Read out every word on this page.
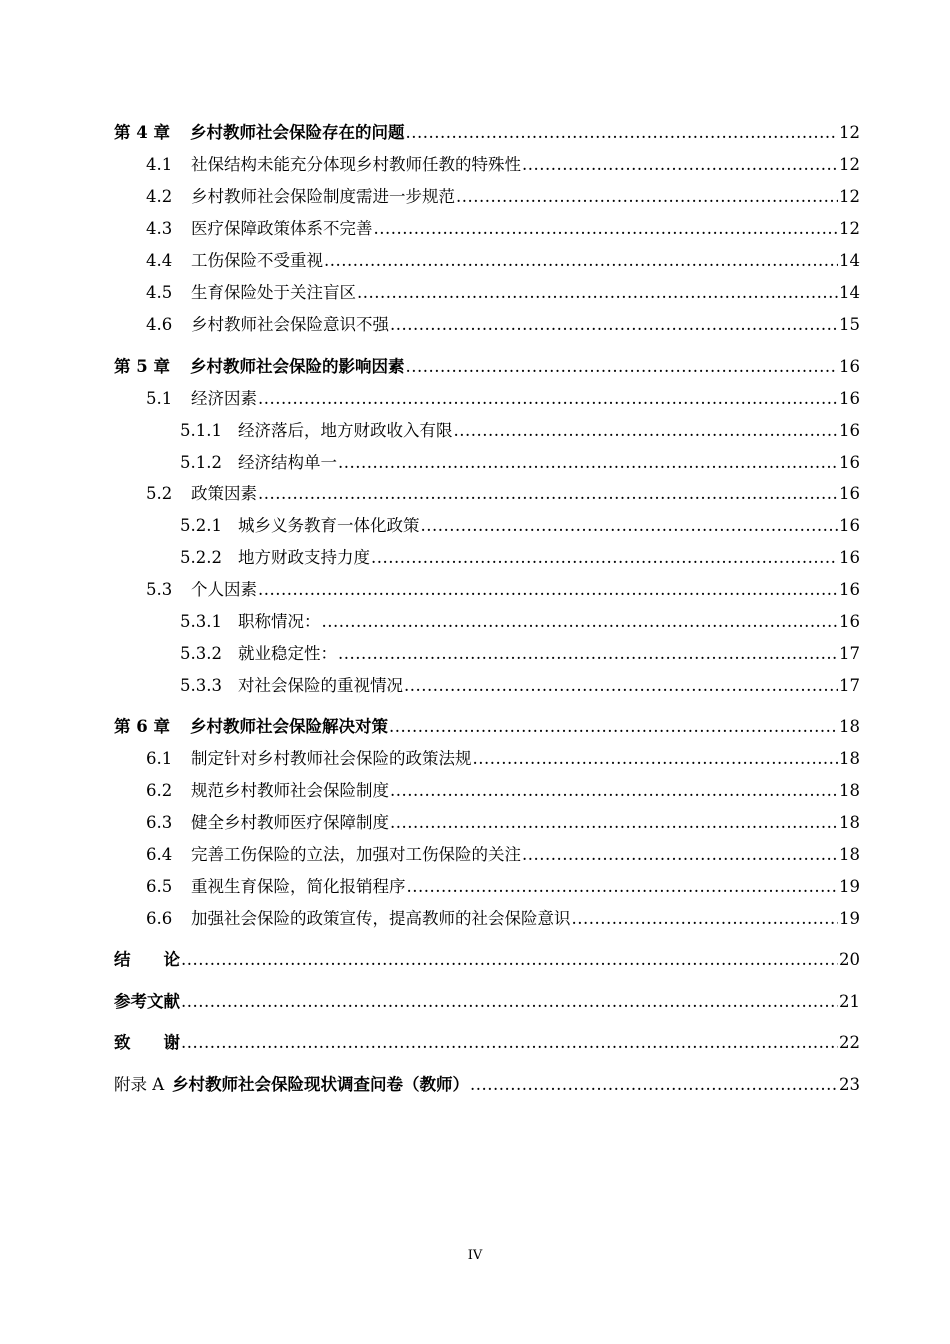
第 4 章	乡村教师社会保险存在的问题 .....	12
4.1	社保结构未能充分体现乡村教师任教的特殊性 .....	12
4.2	乡村教师社会保险制度需进一步规范 .....	12
4.3	医疗保障政策体系不完善 .....	12
4.4	工伤保险不受重视 .....	14
4.5	生育保险处于关注盲区 .....	14
4.6	乡村教师社会保险意识不强 .....	15
第 5 章	乡村教师社会保险的影响因素 .....	16
5.1	经济因素 .....	16
5.1.1 经济落后，地方财政收入有限 .....	16
5.1.2 经济结构单一 .....	16
5.2	政策因素 .....	16
5.2.1 城乡义务教育一体化政策 .....	16
5.2.2 地方财政支持力度 .....	16
5.3	个人因素 .....	16
5.3.1 职称情况： .....	16
5.3.2 就业稳定性： .....	17
5.3.3 对社会保险的重视情况 .....	17
第 6 章	乡村教师社会保险解决对策 .....	18
6.1	制定针对乡村教师社会保险的政策法规 .....	18
6.2	规范乡村教师社会保险制度 .....	18
6.3	健全乡村教师医疗保障制度 .....	18
6.4	完善工伤保险的立法，加强对工伤保险的关注 .....	18
6.5	重视生育保险，简化报销程序 .....	19
6.6	加强社会保险的政策宣传，提高教师的社会保险意识 .....	19
结　　论 .....	20
参考文献 .....	21
致　　谢 .....	22
附录 A 乡村教师社会保险现状调查问卷（教师） .....	23
IV
